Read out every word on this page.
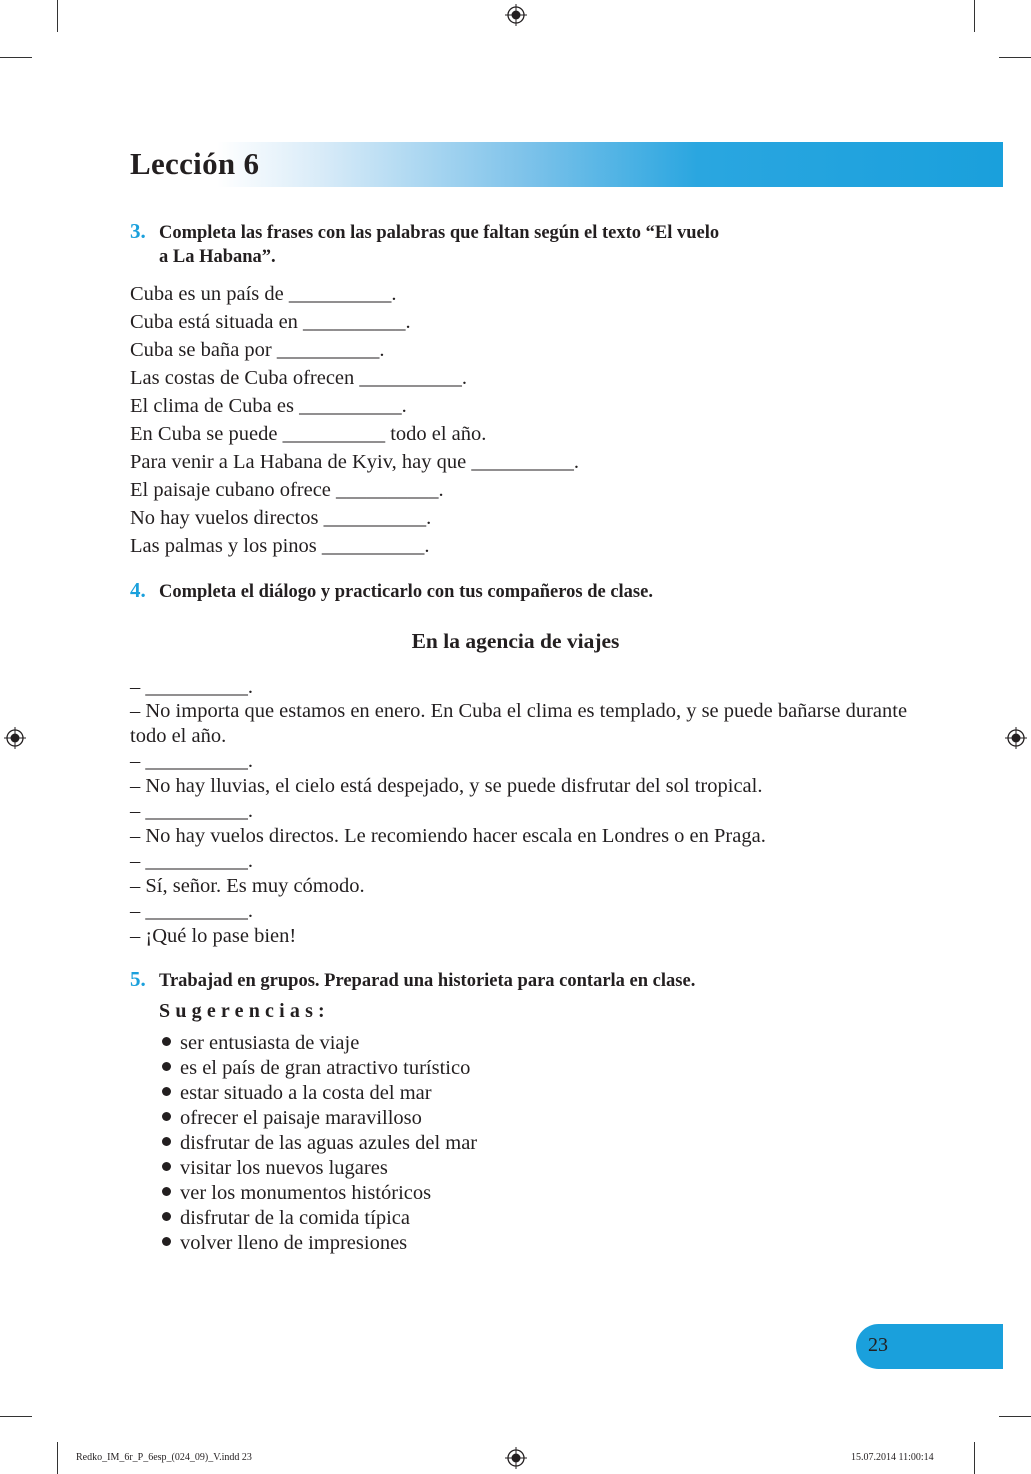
Lección 6
3. Completa las frases con las palabras que faltan según el texto “El vuelo
a La Habana”.
Cuba es un país de __________.
Cuba está situada en __________.
Cuba se baña por __________.
Las costas de Cuba ofrecen __________.
El clima de Cuba es __________.
En Cuba se puede __________ todo el año.
Para venir a La Habana de Kyiv, hay que __________.
El paisaje cubano ofrece __________.
No hay vuelos directos __________.
Las palmas y los pinos __________.
4. Completa el diálogo y practicarlo con tus compañeros de clase.
En la agencia de viajes
– __________.
– No importa que estamos en enero. En Cuba el clima es templado, y se puede bañarse durante todo el año.
– __________.
– No hay lluvias, el cielo está despejado, y se puede disfrutar del sol tropical.
– __________.
– No hay vuelos directos. Le recomiendo hacer escala en Londres o en Praga.
– __________.
– Sí, señor. Es muy cómodo.
– __________.
– ¡Qué lo pase bien!
5. Trabajad en grupos. Preparad una historieta para contarla en clase.
Sugerencias:
ser entusiasta de viaje
es el país de gran atractivo turístico
estar situado a la costa del mar
ofrecer el paisaje maravilloso
disfrutar de las aguas azules del mar
visitar los nuevos lugares
ver los monumentos históricos
disfrutar de la comida típica
volver lleno de impresiones
23
Redko_IM_6r_P_6esp_(024_09)_V.indd 23	15.07.2014 11:00:14
